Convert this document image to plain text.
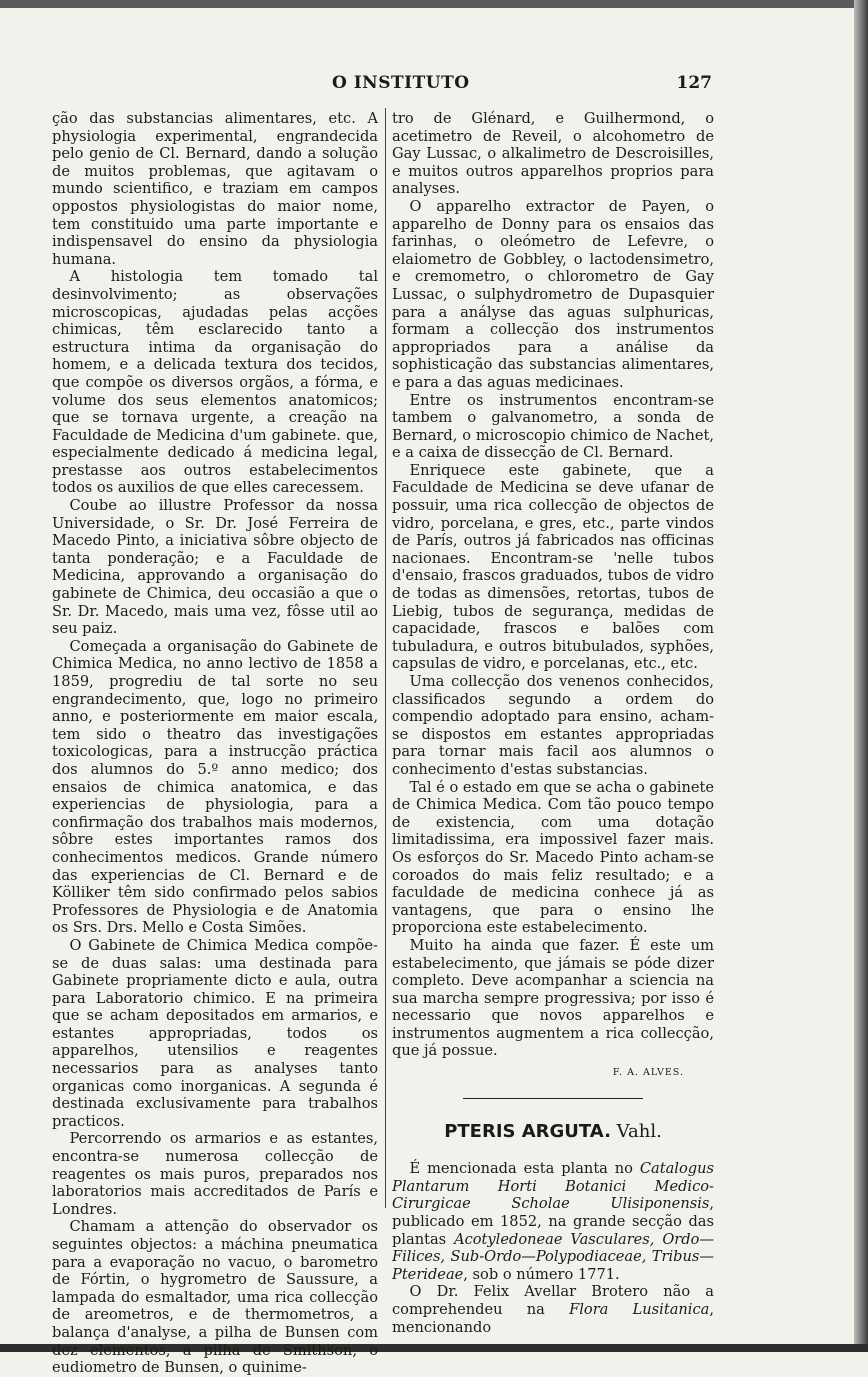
O INSTITUTO	127

ção das substancias alimentares, etc. A physiologia experimental, engrandecida pelo genio de Cl. Bernard, dando a solução de muitos problemas, que agitavam o mundo scientifico, e traziam em campos oppostos physiologistas do maior nome, tem constituido uma parte importante e indispensavel do ensino da physiologia humana.

A histologia tem tomado tal desinvolvimento; as observações microscopicas, ajudadas pelas acções chimicas, têm esclarecido tanto a estructura intima da organisação do homem, e a delicada textura dos tecidos, que compõe os diversos orgãos, a fórma, e volume dos seus elementos anatomicos; que se tornava urgente, a creação na Faculdade de Medicina d'um gabinete. que, especialmente dedicado á medicina legal, prestasse aos outros estabelecimentos todos os auxilios de que elles carecessem.

Coube ao illustre Professor da nossa Universidade, o Sr. Dr. José Ferreira de Macedo Pinto, a iniciativa sôbre objecto de tanta ponderação; e a Faculdade de Medicina, approvando a organisação do gabinete de Chimica, deu occasião a que o Sr. Dr. Macedo, mais uma vez, fôsse util ao seu paiz.

Começada a organisação do Gabinete de Chimica Medica, no anno lectivo de 1858 a 1859, progrediu de tal sorte no seu engrandecimento, que, logo no primeiro anno, e posteriormente em maior escala, tem sido o theatro das investigações toxicologicas, para a instrucção práctica dos alumnos do 5.º anno medico; dos ensaios de chimica anatomica, e das experiencias de physiologia, para a confirmação dos trabalhos mais modernos, sôbre estes importantes ramos dos conhecimentos medicos. Grande número das experiencias de Cl. Bernard e de Kölliker têm sido confirmado pelos sabios Professores de Physiologia e de Anatomia os Srs. Drs. Mello e Costa Simões.

O Gabinete de Chimica Medica compõe-se de duas salas: uma destinada para Gabinete propriamente dicto e aula, outra para Laboratorio chimico. E na primeira que se acham depositados em armarios, e estantes appropriadas, todos os apparelhos, utensilios e reagentes necessarios para as analyses tanto organicas como inorganicas. A segunda é destinada exclusivamente para trabalhos practicos.

Percorrendo os armarios e as estantes, encontra-se numerosa collecção de reagentes os mais puros, preparados nos laboratorios mais accreditados de París e Londres.

Chamam a attenção do observador os seguintes objectos: a máchina pneumatica para a evaporação no vacuo, o barometro de Fórtin, o hygrometro de Saussure, a lampada do esmaltador, uma rica collecção de areometros, e de thermometros, a balança d'analyse, a pilha de Bunsen com dez elementos, a pilha de Smithson, o eudiometro de Bunsen, o quinime-

tro de Glénard, e Guilhermond, o acetimetro de Reveil, o alcohometro de Gay Lussac, o alkalimetro de Descroisilles, e muitos outros apparelhos proprios para analyses.

O apparelho extractor de Payen, o apparelho de Donny para os ensaios das farinhas, o oleómetro de Lefevre, o elaiometro de Gobbley, o lactodensimetro, e cremometro, o chlorometro de Gay Lussac, o sulphydrometro de Dupasquier para a anályse das aguas sulphuricas, formam a collecção dos instrumentos appropriados para a análise da sophisticação das substancias alimentares, e para a das aguas medicinaes.

Entre os instrumentos encontram-se tambem o galvanometro, a sonda de Bernard, o microscopio chimico de Nachet, e a caixa de dissecção de Cl. Bernard.

Enriquece este gabinete, que a Faculdade de Medicina se deve ufanar de possuir, uma rica collecção de objectos de vidro, porcelana, e gres, etc., parte vindos de París, outros já fabricados nas officinas nacionaes. Encontram-se 'nelle tubos d'ensaio, frascos graduados, tubos de vidro de todas as dimensões, retortas, tubos de Liebig, tubos de segurança, medidas de capacidade, frascos e balões com tubuladura, e outros bitubulados, syphões, capsulas de vidro, e porcelanas, etc., etc.

Uma collecção dos venenos conhecidos, classificados segundo a ordem do compendio adoptado para ensino, acham-se dispostos em estantes appropriadas para tornar mais facil aos alumnos o conhecimento d'estas substancias.

Tal é o estado em que se acha o gabinete de Chimica Medica. Com tão pouco tempo de existencia, com uma dotação limitadissima, era impossivel fazer mais. Os esforços do Sr. Macedo Pinto acham-se coroados do mais feliz resultado; e a faculdade de medicina conhece já as vantagens, que para o ensino lhe proporciona este estabelecimento.

Muito ha ainda que fazer. É este um estabelecimento, que jámais se póde dizer completo. Deve acompanhar a sciencia na sua marcha sempre progressiva; por isso é necessario que novos apparelhos e instrumentos augmentem a rica collecção, que já possue.

F. A. ALVES.
PTERIS ARGUTA. Vahl.

É mencionada esta planta no Catalogus Plantarum Horti Botanici Medico-Cirurgicae Scholae Ulisiponensis, publicado em 1852, na grande secção das plantas Acotyledoneae Vasculares, Ordo—Filices, Sub-Ordo—Polypodiaceae, Tribus— Pterideae, sob o número 1771.

O Dr. Felix Avellar Brotero não a comprehendeu na Flora Lusitanica, mencionando
